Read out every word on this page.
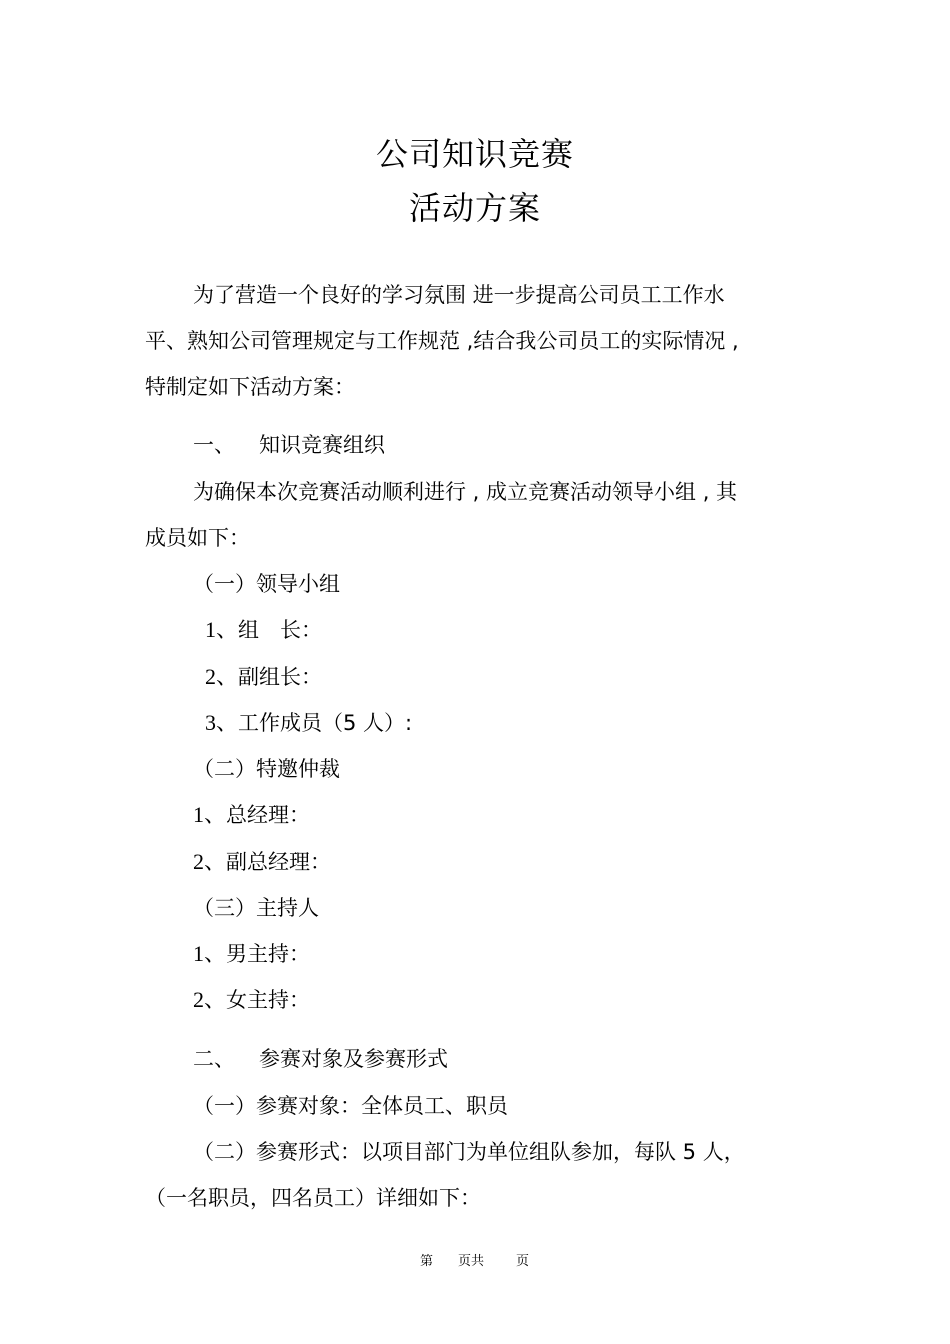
公司知识竞赛
活动方案
为了营造一个良好的学习氛围 进一步提高公司员工工作水
平、熟知公司管理规定与工作规范 ,结合我公司员工的实际情况 ,
特制定如下活动方案：
一、 知识竞赛组织
为确保本次竞赛活动顺利进行 , 成立竞赛活动领导小组 , 其
成员如下：
（一）领导小组
1、组　长：
2、副组长：
3、工作成员（5 人）:
（二）特邀仲裁
1、总经理：
2、副总经理：
（三）主持人
1、男主持：
2、女主持：
二、 参赛对象及参赛形式
（一）参赛对象：全体员工、职员
（二）参赛形式：以项目部门为单位组队参加，每队 5 人，
（一名职员，四名员工）详细如下：
第 页共 页
